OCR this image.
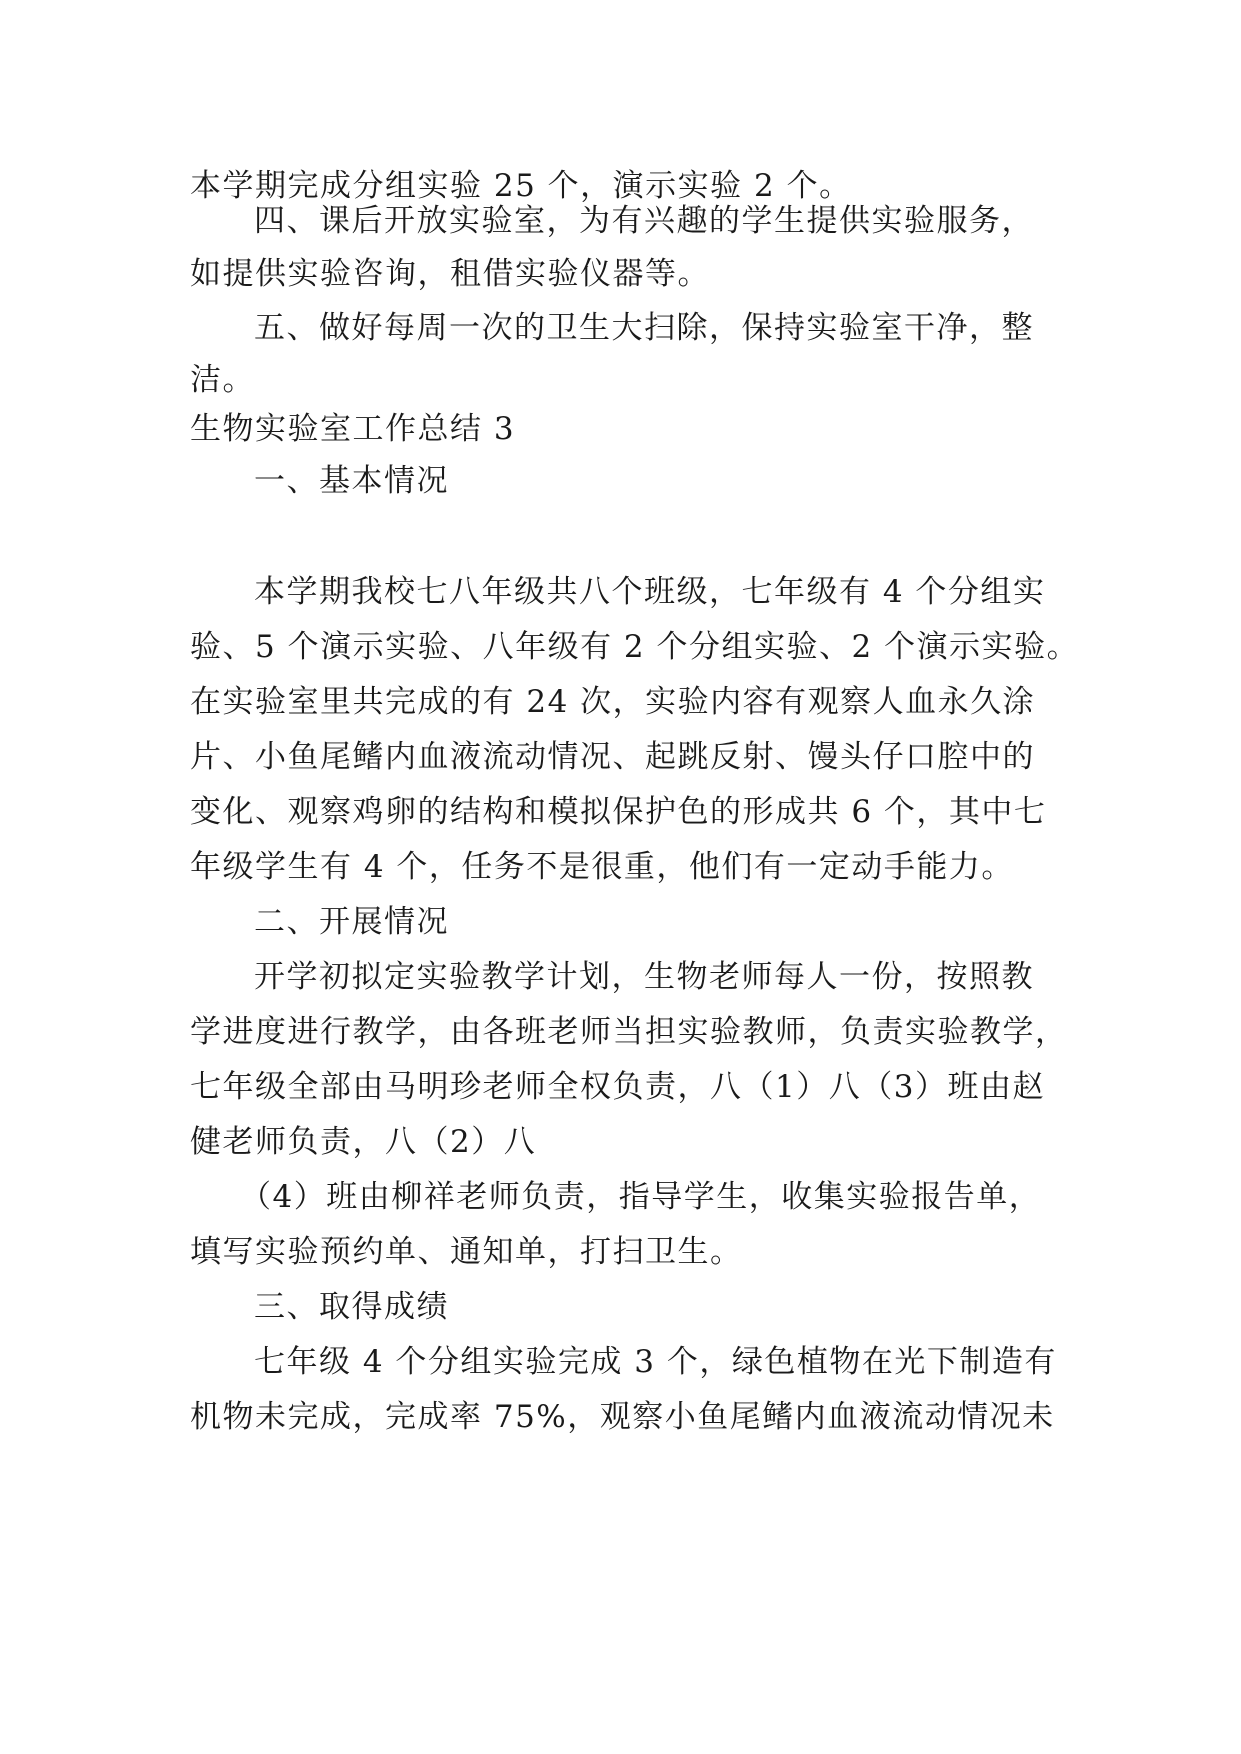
本学期完成分组实验 25 个，演示实验 2 个。
四、课后开放实验室，为有兴趣的学生提供实验服务，
如提供实验咨询，租借实验仪器等。
五、做好每周一次的卫生大扫除，保持实验室干净，整
洁。
生物实验室工作总结 3
一、基本情况
本学期我校七八年级共八个班级，七年级有 4 个分组实
验、5 个演示实验、八年级有 2 个分组实验、2 个演示实验。
在实验室里共完成的有 24 次，实验内容有观察人血永久涂
片、小鱼尾鳍内血液流动情况、起跳反射、馒头仔口腔中的
变化、观察鸡卵的结构和模拟保护色的形成共 6 个，其中七
年级学生有 4 个，任务不是很重，他们有一定动手能力。
二、开展情况
开学初拟定实验教学计划，生物老师每人一份，按照教
学进度进行教学，由各班老师当担实验教师，负责实验教学，
七年级全部由马明珍老师全权负责，八（1）八（3）班由赵
健老师负责，八（2）八
（4）班由柳祥老师负责，指导学生，收集实验报告单，
填写实验预约单、通知单，打扫卫生。
三、取得成绩
七年级 4 个分组实验完成 3 个，绿色植物在光下制造有
机物未完成，完成率 75%，观察小鱼尾鳍内血液流动情况未
